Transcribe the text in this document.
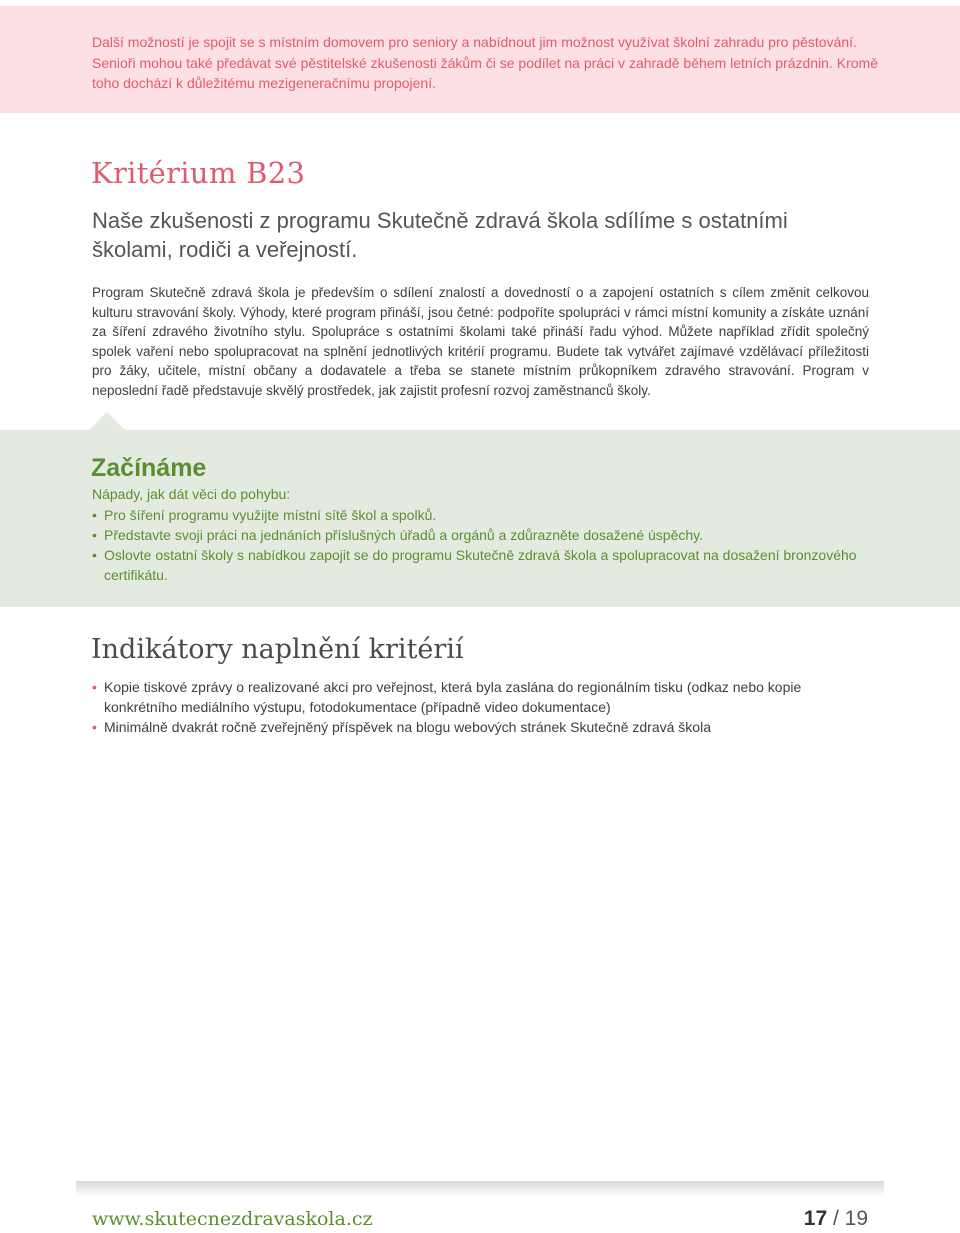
Další možností je spojit se s místním domovem pro seniory a nabídnout jim možnost využívat školní zahradu pro pěstování. Senioři mohou také předávat své pěstitelské zkušenosti žákům či se podílet na práci v zahradě během letních prázdnin. Kromě toho dochází k důležitému mezigeneračnímu propojení.

Kritérium B23

Naše zkušenosti z programu Skutečně zdravá škola sdílíme s ostatními školami, rodiči a veřejností.

Program Skutečně zdravá škola je především o sdílení znalostí a dovedností o a zapojení ostatních s cílem změnit celkovou kulturu stravování školy. Výhody, které program přináší, jsou četné: podpoříte spolupráci v rámci místní komunity a získáte uznání za šíření zdravého životního stylu. Spolupráce s ostatními školami také přináší řadu výhod. Můžete například zřídit společný spolek vaření nebo spolupracovat na splnění jednotlivých kritérií programu. Budete tak vytvářet zajímavé vzdělávací příležitosti pro žáky, učitele, místní občany a dodavatele a třeba se stanete místním průkopníkem zdravého stravování. Program v neposlední řadě představuje skvělý prostředek, jak zajistit profesní rozvoj zaměstnanců školy.

Začínáme

Nápady, jak dát věci do pohybu:

• Pro šíření programu využijte místní sítě škol a spolků.
• Představte svoji práci na jednáních příslušných úřadů a orgánů a zdůrazněte dosažené úspěchy.
• Oslovte ostatní školy s nabídkou zapojit se do programu Skutečně zdravá škola a spolupracovat na dosažení bronzového certifikátu.
Indikátory naplnění kritérií
• Kopie tiskové zprávy o realizované akci pro veřejnost, která byla zaslána do regionálním tisku (odkaz nebo kopie konkrétního mediálního výstupu, fotodokumentace (případně video dokumentace)
• Minimálně dvakrát ročně zveřejněný příspěvek na blogu webových stránek Skutečně zdravá škola

www.skutecnezdravaskola.cz	17 / 19
